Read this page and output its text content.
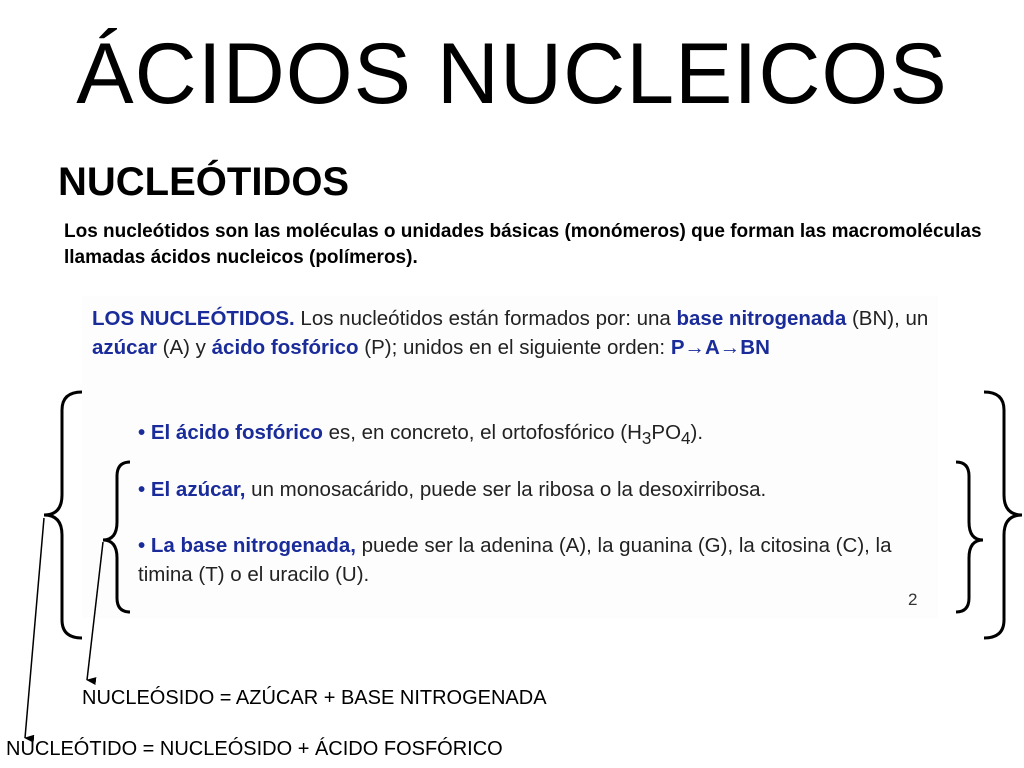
ÁCIDOS NUCLEICOS
NUCLEÓTIDOS
Los nucleótidos son las moléculas o unidades básicas (monómeros) que forman las macromoléculas llamadas ácidos nucleicos (polímeros).
LOS NUCLEÓTIDOS. Los nucleótidos están formados por: una base nitrogenada (BN), un azúcar (A) y ácido fosfórico (P); unidos en el siguiente orden: P→A→BN
• El ácido fosfórico es, en concreto, el ortofosfórico $(H_3PO_4)$.
• El azúcar, un monosacárido, puede ser la ribosa o la desoxirribosa.
• La base nitrogenada, puede ser la adenina (A), la guanina (G), la citosina (C), la timina (T) o el uracilo (U).
2
NUCLEÓSIDO = AZÚCAR + BASE NITROGENADA
NUCLEÓTIDO = NUCLEÓSIDO + ÁCIDO FOSFÓRICO
